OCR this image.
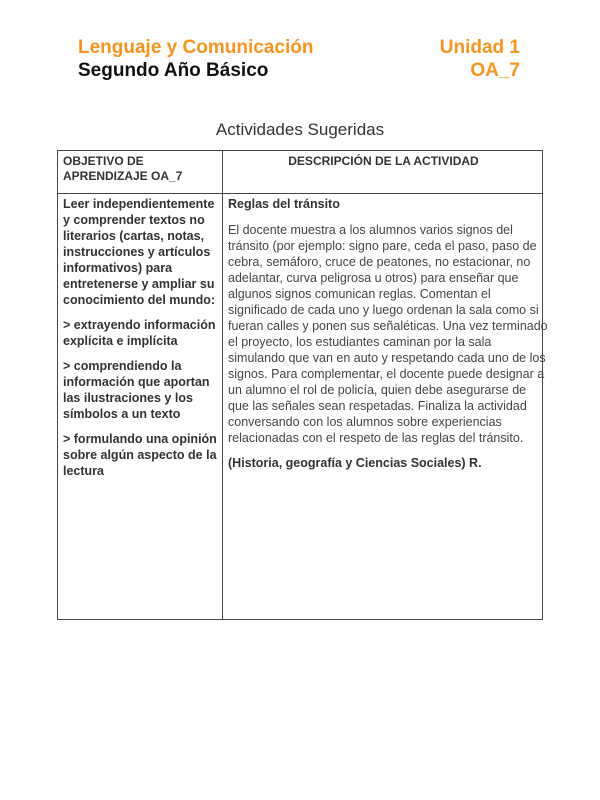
Lenguaje y Comunicación
Segundo Año Básico
Unidad 1
OA_7
Actividades Sugeridas
OBJETIVO DE APRENDIZAJE OA_7
DESCRIPCIÓN DE LA ACTIVIDAD

Leer independientemente y comprender textos no literarios (cartas, notas, instrucciones y artículos informativos) para entretenerse y ampliar su conocimiento del mundo:

> extrayendo información explícita e implícita

> comprendiendo la información que aportan las ilustraciones y los símbolos a un texto

> formulando una opinión sobre algún aspecto de la lectura

Reglas del tránsito
El docente muestra a los alumnos varios signos del
tránsito (por ejemplo: signo pare, ceda el paso, paso de
cebra, semáforo, cruce de peatones, no estacionar, no
adelantar, curva peligrosa u otros) para enseñar que
algunos signos comunican reglas. Comentan el
significado de cada uno y luego ordenan la sala como si
fueran calles y ponen sus señaléticas. Una vez terminado
el proyecto, los estudiantes caminan por la sala
simulando que van en auto y respetando cada uno de los
signos. Para complementar, el docente puede designar a
un alumno el rol de policía, quien debe asegurarse de
que las señales sean respetadas. Finaliza la actividad
conversando con los alumnos sobre experiencias
relacionadas con el respeto de las reglas del tránsito.
(Historia, geografía y Ciencias Sociales) R.
